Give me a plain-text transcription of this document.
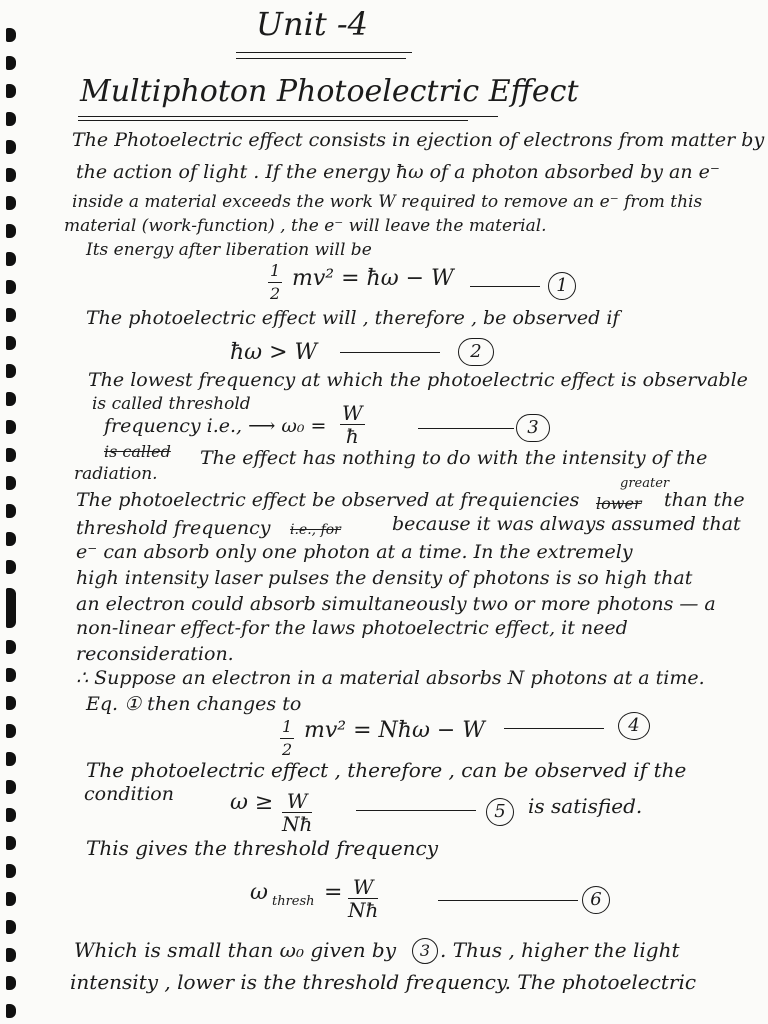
Unit -4
Multiphoton Photoelectric Effect
The Photoelectric effect consists in ejection of electrons from matter by
the action of light . If the energy ħω of a photon absorbed by an e⁻
inside a material exceeds the work W required to remove an e⁻ from this
material (work-function) , the e⁻ will leave the material.
Its energy after liberation will be
$\frac{1}{2} mv^2$ = ħω − W	1
The photoelectric effect will , therefore , be observed if
ħω > W	2
The lowest frequency at which the photoelectric effect is observable
is called threshold
frequency i.e., ⟶ $\omega_0 = \frac{W}{ħ}$	3
is called The effect has nothing to do with the intensity of the
radiation.
The photoelectric effect be observed at frequiencies
greater
lower than the
threshold frequency i.e., for	because it was always assumed that
e⁻ can absorb only one photon at a time. In the extremely
high intensity laser pulses the density of photons is so high that
an electron could absorb simultaneously two or more photons — a
non-linear effect-for the laws photoelectric effect, it need
reconsideration.
∴ Suppose an electron in a material absorbs N photons at a time.
Eq. ① then changes to
$\frac{1}{2} mv^2$ = Nħω − W	4
The photoelectric effect , therefore , can be observed if the
condition	$\omega \ge \frac{W}{Nħ}$	5	is satisfied.
This gives the threshold frequency
ω thresh = $\frac{W}{Nħ}$	6
Which is small than ω₀ given by	3 . Thus , higher the light
intensity , lower is the threshold frequency. The photoelectric
